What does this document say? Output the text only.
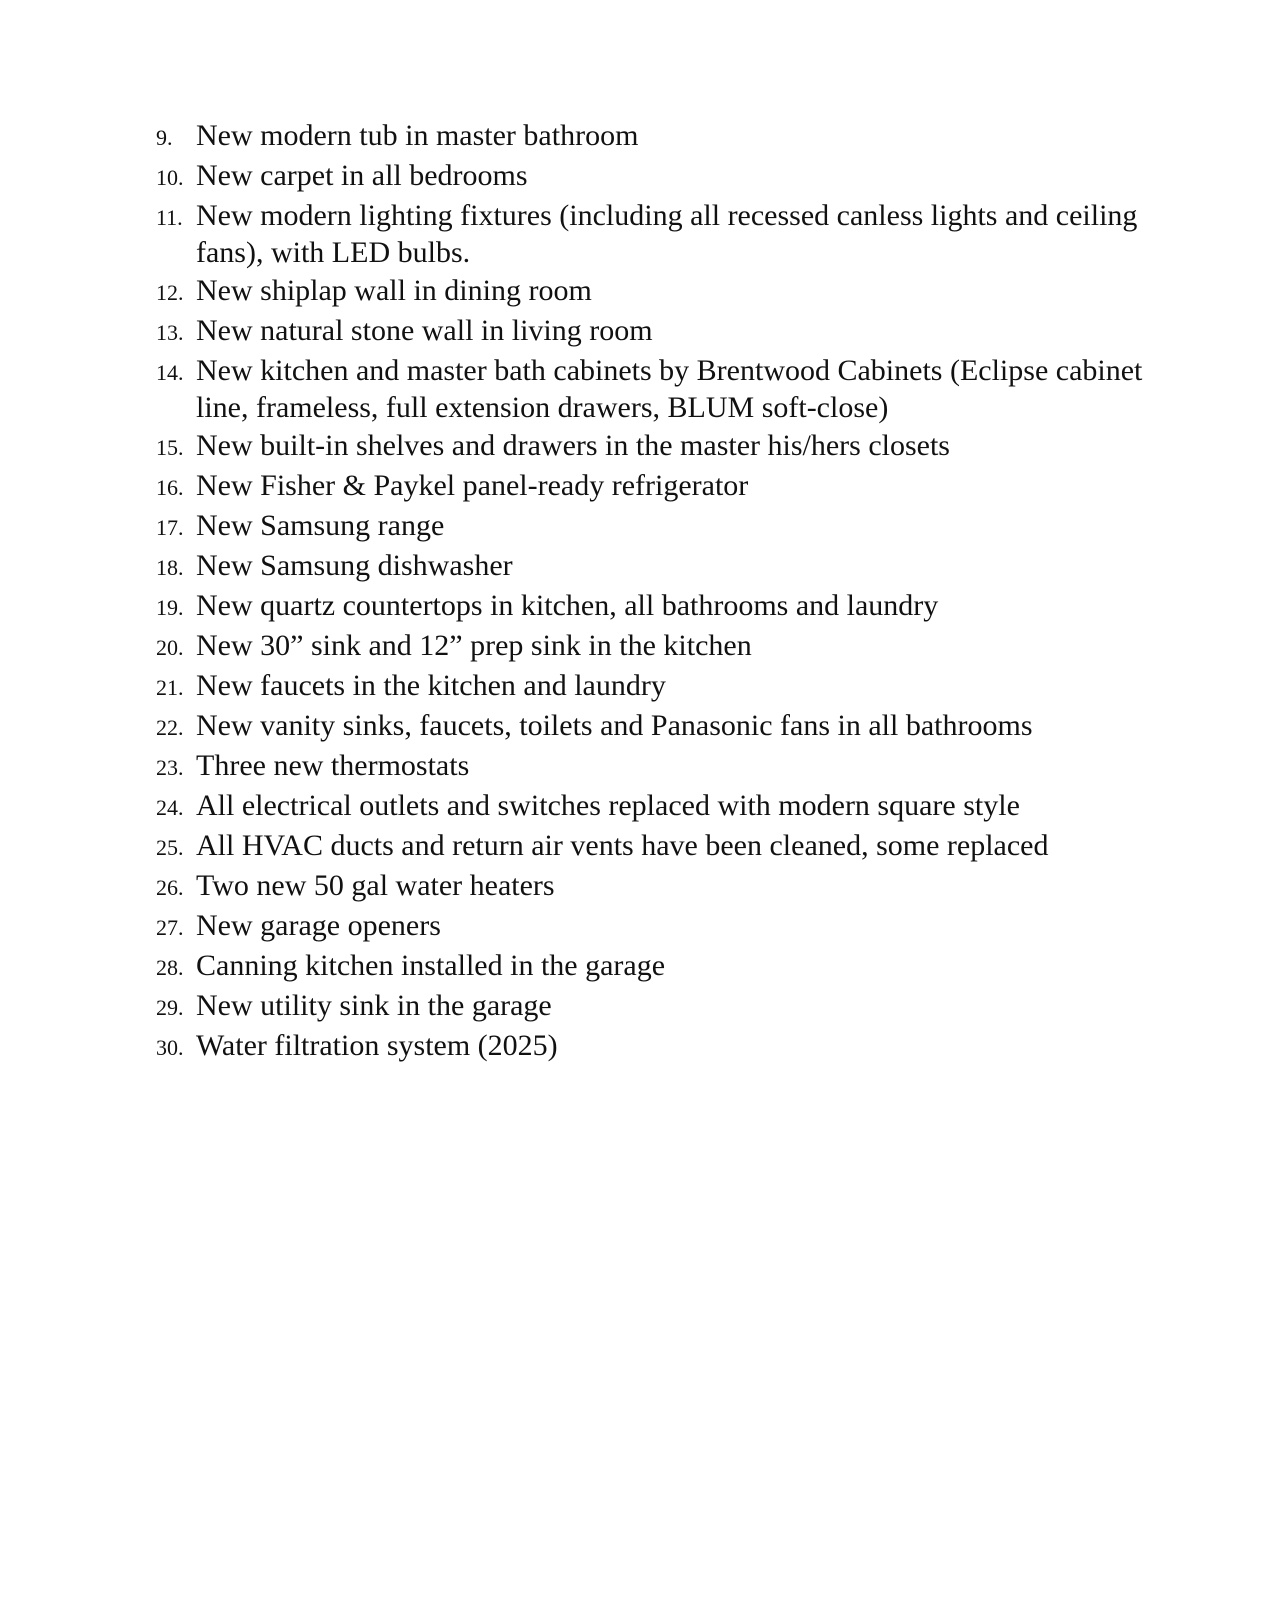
9. New modern tub in master bathroom
10. New carpet in all bedrooms
11. New modern lighting fixtures (including all recessed canless lights and ceiling fans), with LED bulbs.
12. New shiplap wall in dining room
13. New natural stone wall in living room
14. New kitchen and master bath cabinets by Brentwood Cabinets (Eclipse cabinet line, frameless, full extension drawers, BLUM soft-close)
15. New built-in shelves and drawers in the master his/hers closets
16. New Fisher & Paykel panel-ready refrigerator
17. New Samsung range
18. New Samsung dishwasher
19. New quartz countertops in kitchen, all bathrooms and laundry
20. New 30” sink and 12” prep sink in the kitchen
21. New faucets in the kitchen and laundry
22. New vanity sinks, faucets, toilets and Panasonic fans in all bathrooms
23. Three new thermostats
24. All electrical outlets and switches replaced with modern square style
25. All HVAC ducts and return air vents have been cleaned, some replaced
26. Two new 50 gal water heaters
27. New garage openers
28. Canning kitchen installed in the garage
29. New utility sink in the garage
30. Water filtration system (2025)
